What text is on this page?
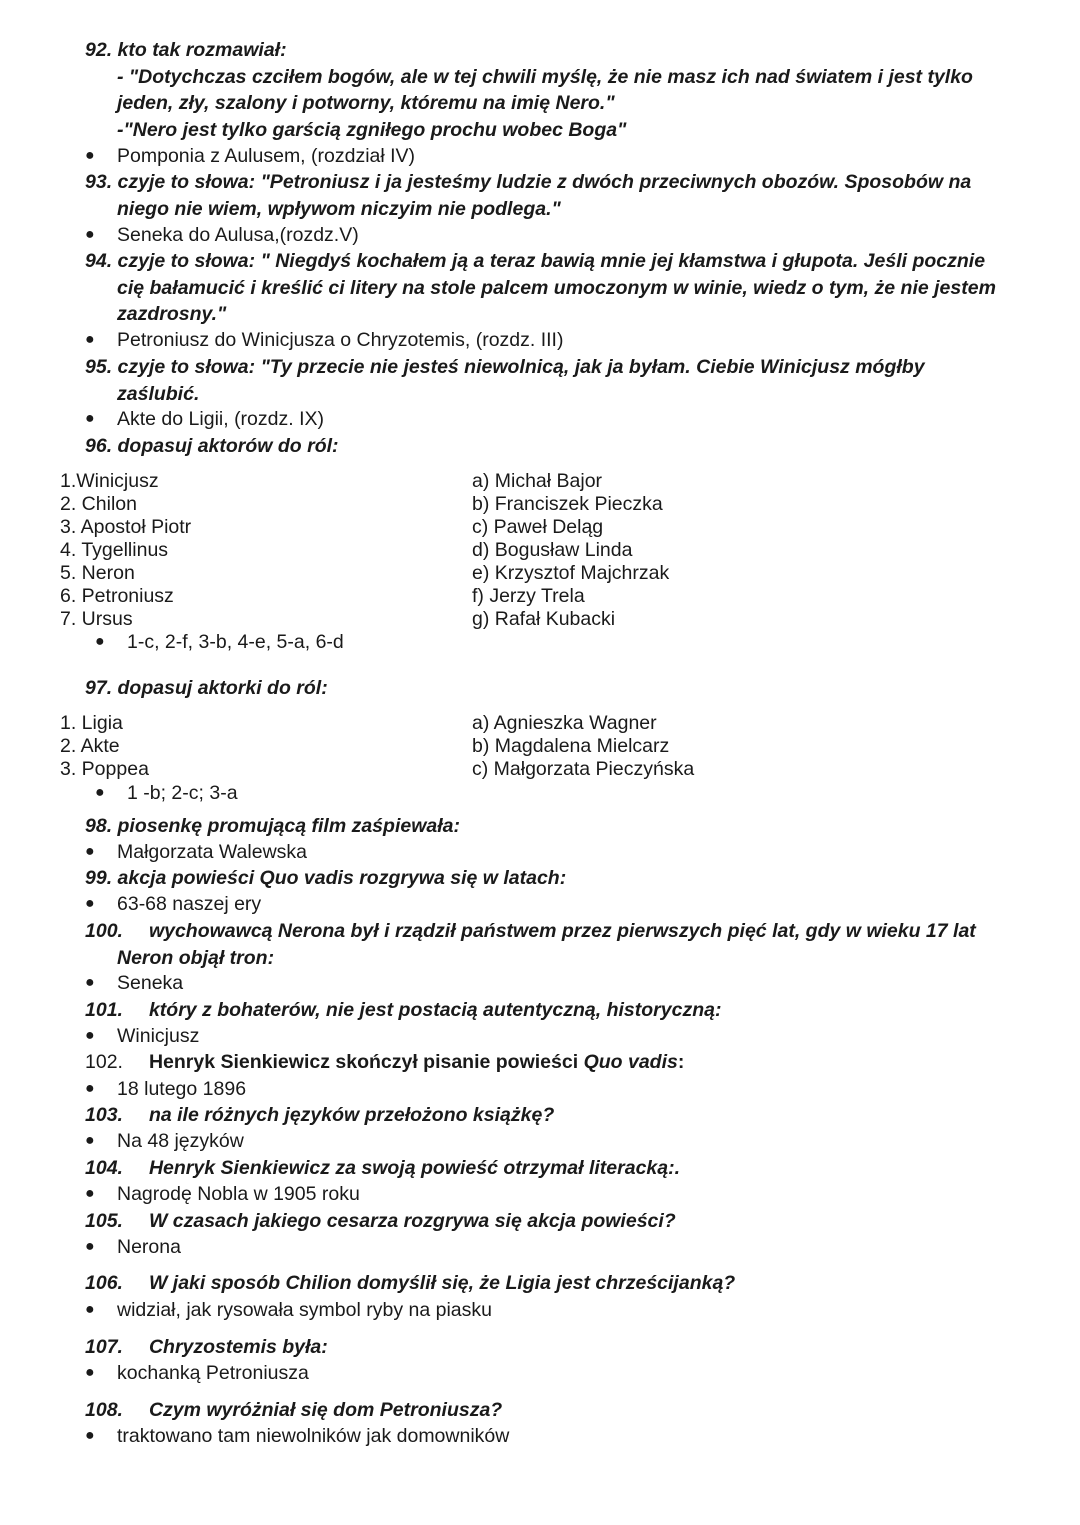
92. kto tak rozmawiał:
- "Dotychczas czciłem bogów, ale w tej chwili myślę, że nie masz ich nad światem i jest tylko
jeden, zły, szalony i potworny, któremu na imię Nero."
-"Nero jest tylko garścią zgniłego prochu wobec Boga"
● Pomponia z Aulusem, (rozdział IV)
93. czyje to słowa: "Petroniusz i ja jesteśmy ludzie z dwóch przeciwnych obozów. Sposobów na
niego nie wiem, wpływom niczyim nie podlega."
● Seneka do Aulusa,(rozdz.V)
94. czyje to słowa: " Niegdyś kochałem ją a teraz bawią mnie jej kłamstwa i głupota. Jeśli pocznie
cię bałamucić i kreślić ci litery na stole palcem umoczonym w winie, wiedz o tym, że nie jestem
zazdrosny."
● Petroniusz do Winicjusza o Chryzotemis, (rozdz. III)
95. czyje to słowa: "Ty przecie nie jesteś niewolnicą, jak ja byłam. Ciebie Winicjusz mógłby
zaślubić.
● Akte do Ligii, (rozdz. IX)
96. dopasuj aktorów do ról:
1.Winicjusz
2. Chilon
3. Apostoł Piotr
4. Tygellinus
5. Neron
6. Petroniusz
7. Ursus
a) Michał Bajor
b) Franciszek Pieczka
c) Paweł Deląg
d) Bogusław Linda
e) Krzysztof Majchrzak
f) Jerzy Trela
g) Rafał Kubacki
● 1-c, 2-f, 3-b, 4-e, 5-a, 6-d
97. dopasuj aktorki do ról:
1. Ligia
2. Akte
3. Poppea
a) Agnieszka Wagner
b) Magdalena Mielcarz
c) Małgorzata Pieczyńska
● 1 -b; 2-c; 3-a
98. piosenkę promującą film zaśpiewała:
● Małgorzata Walewska
99. akcja powieści Quo vadis rozgrywa się w latach:
● 63-68 naszej ery
100. wychowawcą Nerona był i rządził państwem przez pierwszych pięć lat, gdy w wieku 17 lat
Neron objął tron:
● Seneka
101. który z bohaterów, nie jest postacią autentyczną, historyczną:
● Winicjusz
102. Henryk Sienkiewicz skończył pisanie powieści Quo vadis:
● 18 lutego 1896
103. na ile różnych języków przełożono książkę?
● Na 48 języków
104. Henryk Sienkiewicz za swoją powieść otrzymał literacką:.
● Nagrodę Nobla w 1905 roku
105. W czasach jakiego cesarza rozgrywa się akcja powieści?
● Nerona
106. W jaki sposób Chilion domyślił się, że Ligia jest chrześcijanką?
● widział, jak rysowała symbol ryby na piasku
107. Chryzostemis była:
● kochanką Petroniusza
108. Czym wyróżniał się dom Petroniusza?
● traktowano tam niewolników jak domowników
